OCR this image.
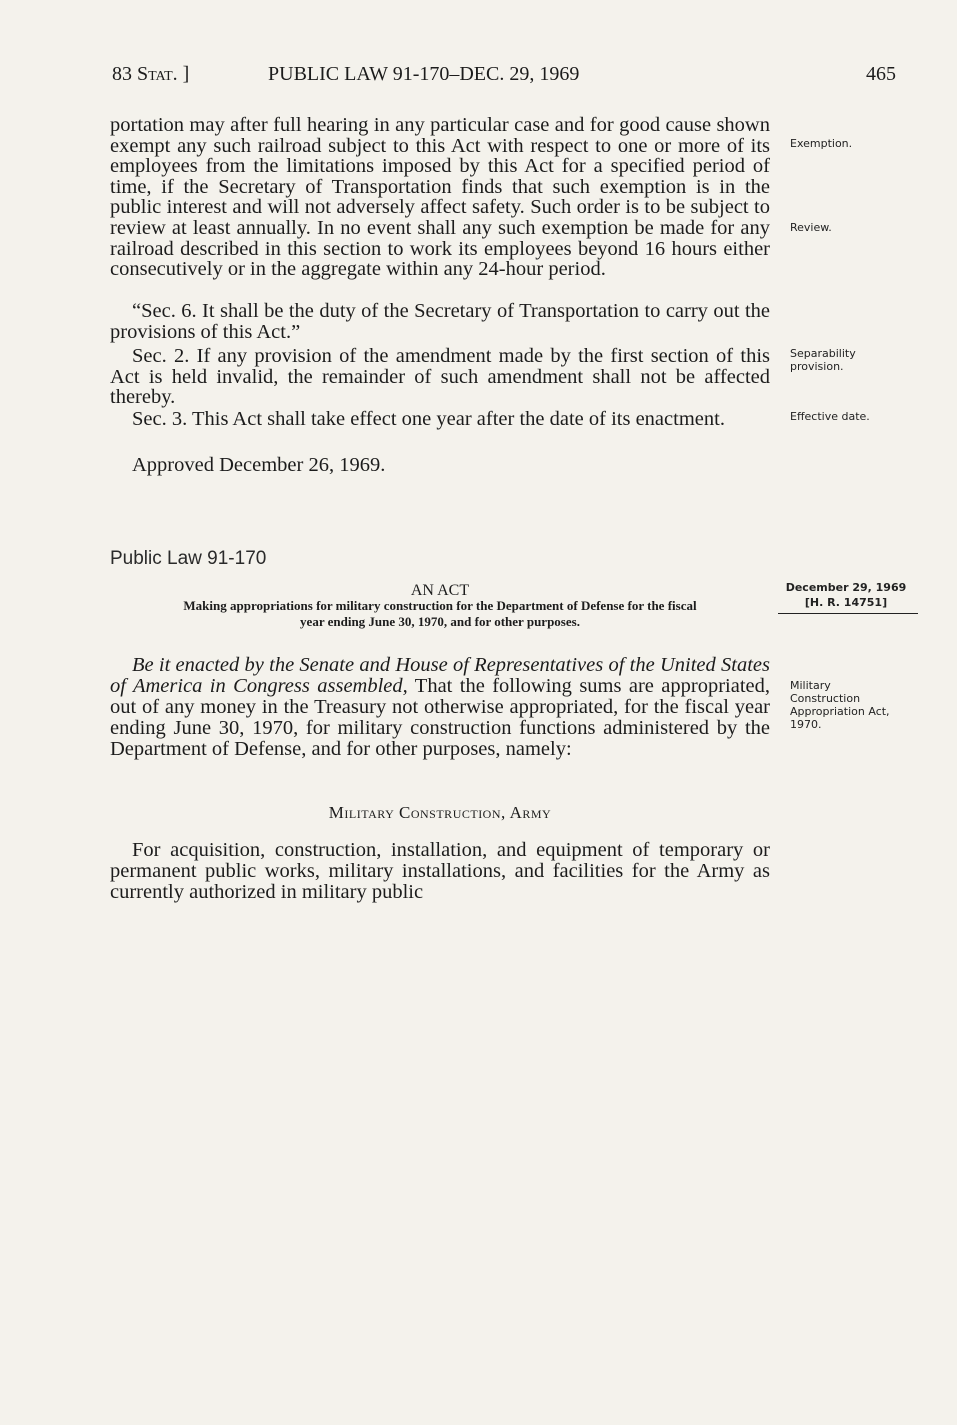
83 Stat. ]	PUBLIC LAW 91-170–DEC. 29, 1969	465

portation may after full hearing in any particular case and for good cause shown exempt any such railroad subject to this Act with respect to one or more of its employees from the limitations imposed by this Act for a specified period of time, if the Secretary of Transportation finds that such exemption is in the public interest and will not adversely affect safety. Such order is to be subject to review at least annually. In no event shall any such exemption be made for any railroad described in this section to work its employees beyond 16 hours either consecutively or in the aggregate within any 24-hour period.

“Sec. 6. It shall be the duty of the Secretary of Transportation to carry out the provisions of this Act.”

Sec. 2. If any provision of the amendment made by the first section of this Act is held invalid, the remainder of such amendment shall not be affected thereby.

Sec. 3. This Act shall take effect one year after the date of its enactment.

Approved December 26, 1969.

Exemption.
Review.
Separability provision.
Effective date.
Military Construction Appropriation Act, 1970.
Public Law 91-170
AN ACT
Making appropriations for military construction for the Department of Defense for the fiscal year ending June 30, 1970, and for other purposes.
December 29, 1969
[H. R. 14751]

Be it enacted by the Senate and House of Representatives of the United States of America in Congress assembled, That the following sums are appropriated, out of any money in the Treasury not otherwise appropriated, for the fiscal year ending June 30, 1970, for military construction functions administered by the Department of Defense, and for other purposes, namely:

Military Construction, Army

For acquisition, construction, installation, and equipment of temporary or permanent public works, military installations, and facilities for the Army as currently authorized in military public
